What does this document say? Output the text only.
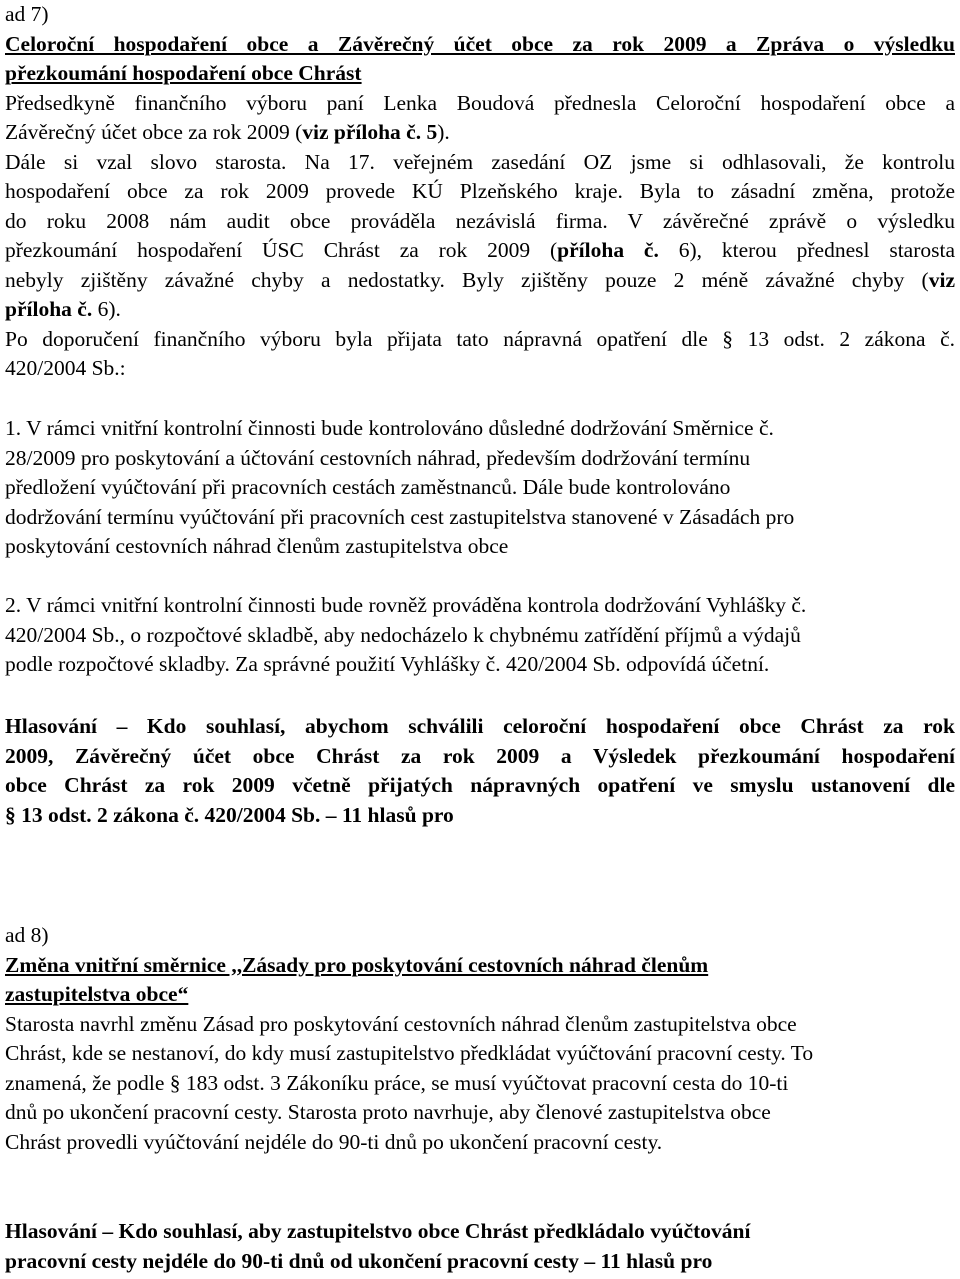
ad 7)
Celoroční hospodaření obce a Závěrečný účet obce za rok 2009 a Zpráva o výsledku
přezkoumání hospodaření obce Chrást
Předsedkyně finančního výboru paní Lenka Boudová přednesla Celoroční hospodaření obce a
Závěrečný účet obce za rok 2009 (viz příloha č. 5).
Dále si vzal slovo starosta. Na 17. veřejném zasedání OZ jsme si odhlasovali, že kontrolu
hospodaření obce za rok 2009 provede KÚ Plzeňského kraje. Byla to zásadní změna, protože
do roku 2008 nám audit obce prováděla nezávislá firma. V závěrečné zprávě o výsledku
přezkoumání hospodaření ÚSC Chrást za rok 2009 (příloha č. 6), kterou přednesl starosta
nebyly zjištěny závažné chyby a nedostatky. Byly zjištěny pouze 2 méně závažné chyby (viz
příloha č. 6).
Po doporučení finančního výboru byla přijata tato nápravná opatření dle § 13 odst. 2 zákona č.
420/2004 Sb.:
1. V rámci vnitřní kontrolní činnosti bude kontrolováno důsledné dodržování Směrnice č.
28/2009 pro poskytování a účtování cestovních náhrad, především dodržování termínu
předložení vyúčtování při pracovních cestách zaměstnanců. Dále bude kontrolováno
dodržování termínu vyúčtování při pracovních cest zastupitelstva stanovené v Zásadách pro
poskytování cestovních náhrad členům zastupitelstva obce
2. V rámci vnitřní kontrolní činnosti bude rovněž prováděna kontrola dodržování Vyhlášky č.
420/2004 Sb., o rozpočtové skladbě, aby nedocházelo k chybnému zatřídění příjmů a výdajů
podle rozpočtové skladby. Za správné použití Vyhlášky č. 420/2004 Sb. odpovídá účetní.
Hlasování – Kdo souhlasí, abychom schválili celoroční hospodaření obce Chrást za rok
2009, Závěrečný účet obce Chrást za rok 2009 a Výsledek přezkoumání hospodaření
obce Chrást za rok 2009 včetně přijatých nápravných opatření ve smyslu ustanovení dle
§ 13 odst. 2 zákona č. 420/2004 Sb. – 11 hlasů pro
ad 8)
Změna vnitřní směrnice ,,Zásady pro poskytování cestovních náhrad členům
zastupitelstva obce“
Starosta navrhl změnu Zásad pro poskytování cestovních náhrad členům zastupitelstva obce
Chrást, kde se nestanoví, do kdy musí zastupitelstvo předkládat vyúčtování pracovní cesty. To
znamená, že podle § 183 odst. 3 Zákoníku práce, se musí vyúčtovat pracovní cesta do 10-ti
dnů po ukončení pracovní cesty. Starosta proto navrhuje, aby členové zastupitelstva obce
Chrást provedli vyúčtování nejdéle do 90-ti dnů po ukončení pracovní cesty.
Hlasování – Kdo souhlasí, aby zastupitelstvo obce Chrást předkládalo vyúčtování
pracovní cesty nejdéle do 90-ti dnů od ukončení pracovní cesty – 11 hlasů pro
